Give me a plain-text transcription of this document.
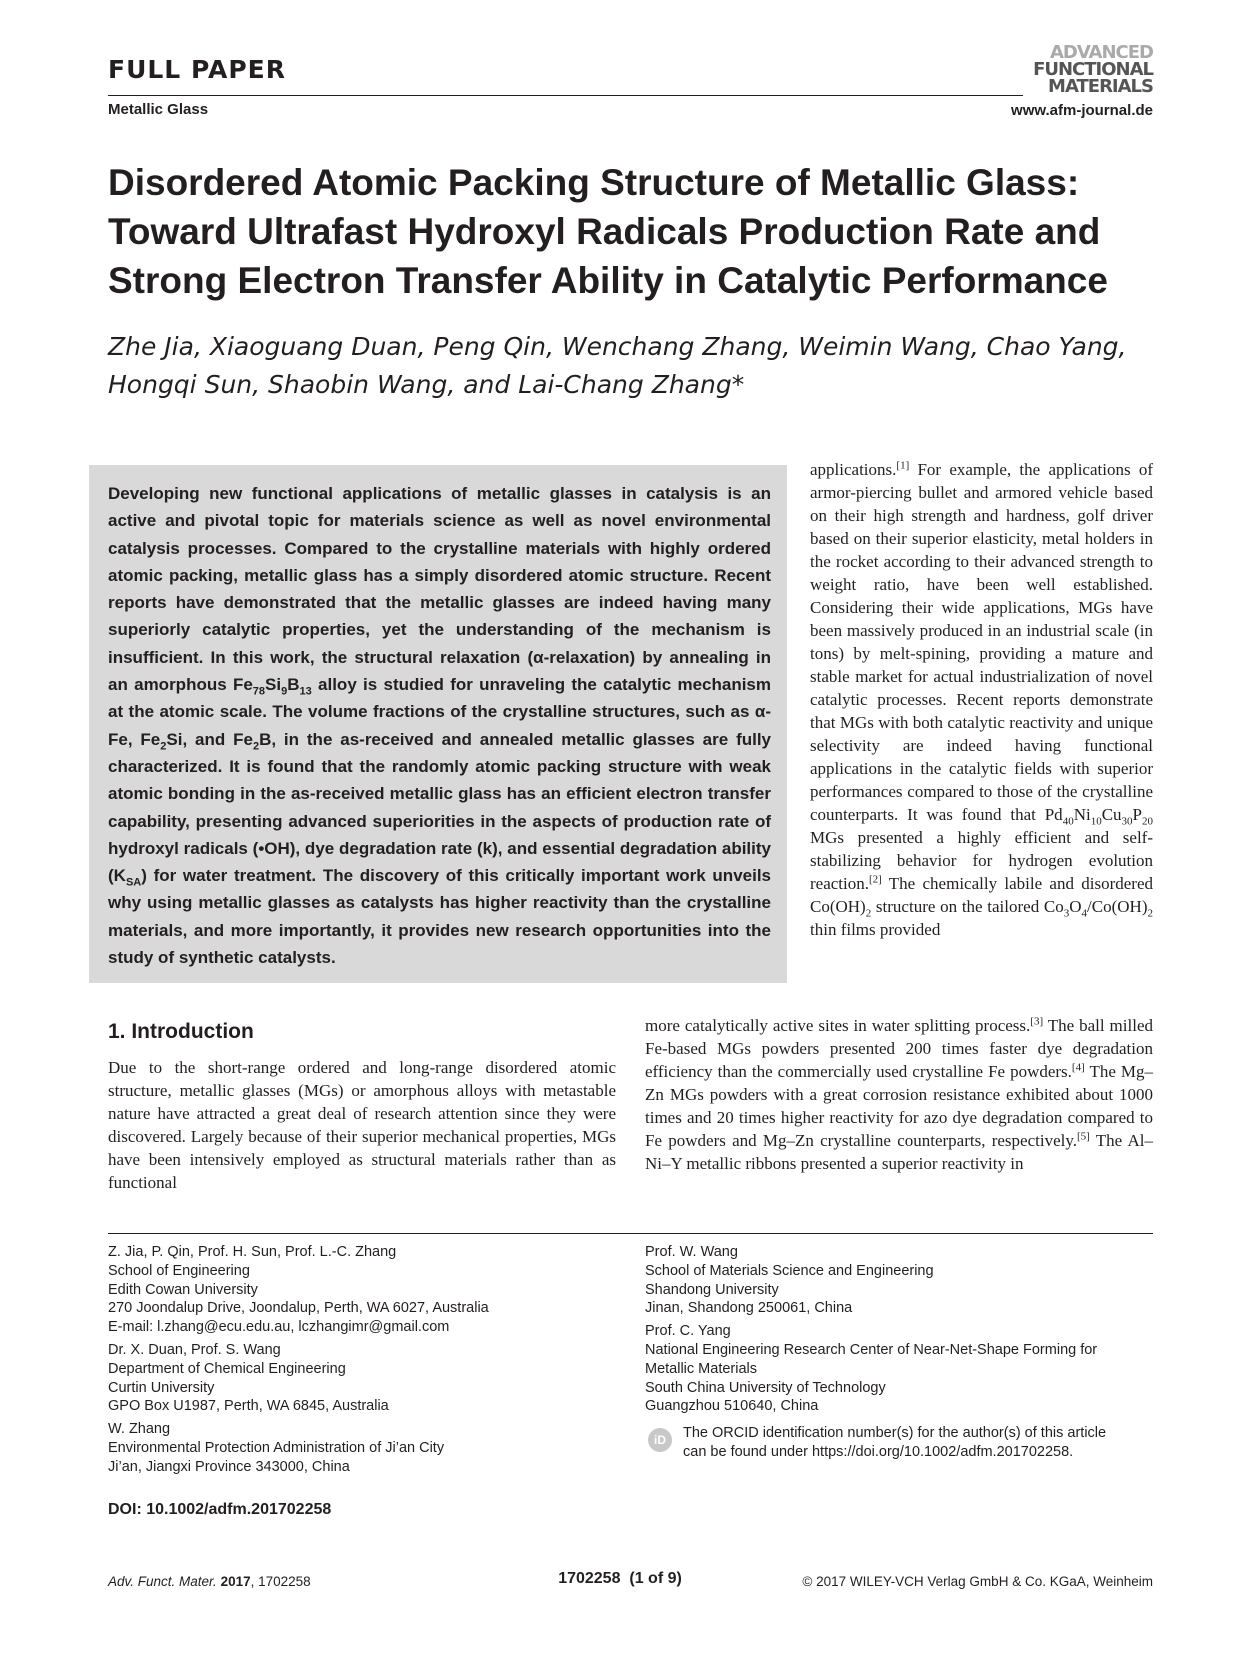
FULL PAPER
Metallic Glass
ADVANCED
FUNCTIONAL
MATERIALS
www.afm-journal.de
Disordered Atomic Packing Structure of Metallic Glass: Toward Ultrafast Hydroxyl Radicals Production Rate and Strong Electron Transfer Ability in Catalytic Performance
Zhe Jia, Xiaoguang Duan, Peng Qin, Wenchang Zhang, Weimin Wang, Chao Yang,
Hongqi Sun, Shaobin Wang, and Lai-Chang Zhang*
Developing new functional applications of metallic glasses in catalysis is an active and pivotal topic for materials science as well as novel environmental catalysis processes. Compared to the crystalline materials with highly ordered atomic packing, metallic glass has a simply disordered atomic structure. Recent reports have demonstrated that the metallic glasses are indeed having many superiorly catalytic properties, yet the understanding of the mechanism is insufficient. In this work, the structural relaxation (α-relaxation) by annealing in an amorphous $Fe_{78}Si_9B_{13}$ alloy is studied for unraveling the catalytic mechanism at the atomic scale. The volume fractions of the crystalline structures, such as α-Fe, $Fe_2Si$, and $Fe_2B$, in the as-received and annealed metallic glasses are fully characterized. It is found that the randomly atomic packing structure with weak atomic bonding in the as-received metallic glass has an efficient electron transfer capability, presenting advanced superiorities in the aspects of production rate of hydroxyl radicals (•OH), dye degradation rate (k), and essential degradation ability $(K_{SA})$ for water treatment. The discovery of this critically important work unveils why using metallic glasses as catalysts has higher reactivity than the crystalline materials, and more importantly, it provides new research opportunities into the study of synthetic catalysts.
applications.[1] For example, the applications of armor-piercing bullet and armored vehicle based on their high strength and hardness, golf driver based on their superior elasticity, metal holders in the rocket according to their advanced strength to weight ratio, have been well established. Considering their wide applications, MGs have been massively produced in an industrial scale (in tons) by melt-spining, providing a mature and stable market for actual industrialization of novel catalytic processes. Recent reports demonstrate that MGs with both catalytic reactivity and unique selectivity are indeed having functional applications in the catalytic fields with superior performances compared to those of the crystalline counterparts. It was found that $Pd_{40}Ni_{10}Cu_{30}P_{20}$ MGs presented a highly efficient and self-stabilizing behavior for hydrogen evolution reaction.[2] The chemically labile and disordered $Co(OH)_2$ structure on the tailored $Co_3O_4/Co(OH)_2$ thin films provided
1. Introduction
Due to the short-range ordered and long-range disordered atomic structure, metallic glasses (MGs) or amorphous alloys with metastable nature have attracted a great deal of research attention since they were discovered. Largely because of their superior mechanical properties, MGs have been intensively employed as structural materials rather than as functional
more catalytically active sites in water splitting process.[3] The ball milled Fe-based MGs powders presented 200 times faster dye degradation efficiency than the commercially used crystalline Fe powders.[4] The Mg–Zn MGs powders with a great corrosion resistance exhibited about 1000 times and 20 times higher reactivity for azo dye degradation compared to Fe powders and Mg–Zn crystalline counterparts, respectively.[5] The Al–Ni–Y metallic ribbons presented a superior reactivity in
Z. Jia, P. Qin, Prof. H. Sun, Prof. L.-C. Zhang
School of Engineering
Edith Cowan University
270 Joondalup Drive, Joondalup, Perth, WA 6027, Australia
E-mail: l.zhang@ecu.edu.au, lczhangimr@gmail.com
Dr. X. Duan, Prof. S. Wang
Department of Chemical Engineering
Curtin University
GPO Box U1987, Perth, WA 6845, Australia
W. Zhang
Environmental Protection Administration of Ji’an City
Ji’an, Jiangxi Province 343000, China
Prof. W. Wang
School of Materials Science and Engineering
Shandong University
Jinan, Shandong 250061, China
Prof. C. Yang
National Engineering Research Center of Near-Net-Shape Forming for
Metallic Materials
South China University of Technology
Guangzhou 510640, China
iD	The ORCID identification number(s) for the author(s) of this article
can be found under https://doi.org/10.1002/adfm.201702258.
DOI: 10.1002/adfm.201702258
Adv. Funct. Mater. 2017, 1702258	1702258  (1 of 9)	© 2017 WILEY-VCH Verlag GmbH & Co. KGaA, Weinheim
